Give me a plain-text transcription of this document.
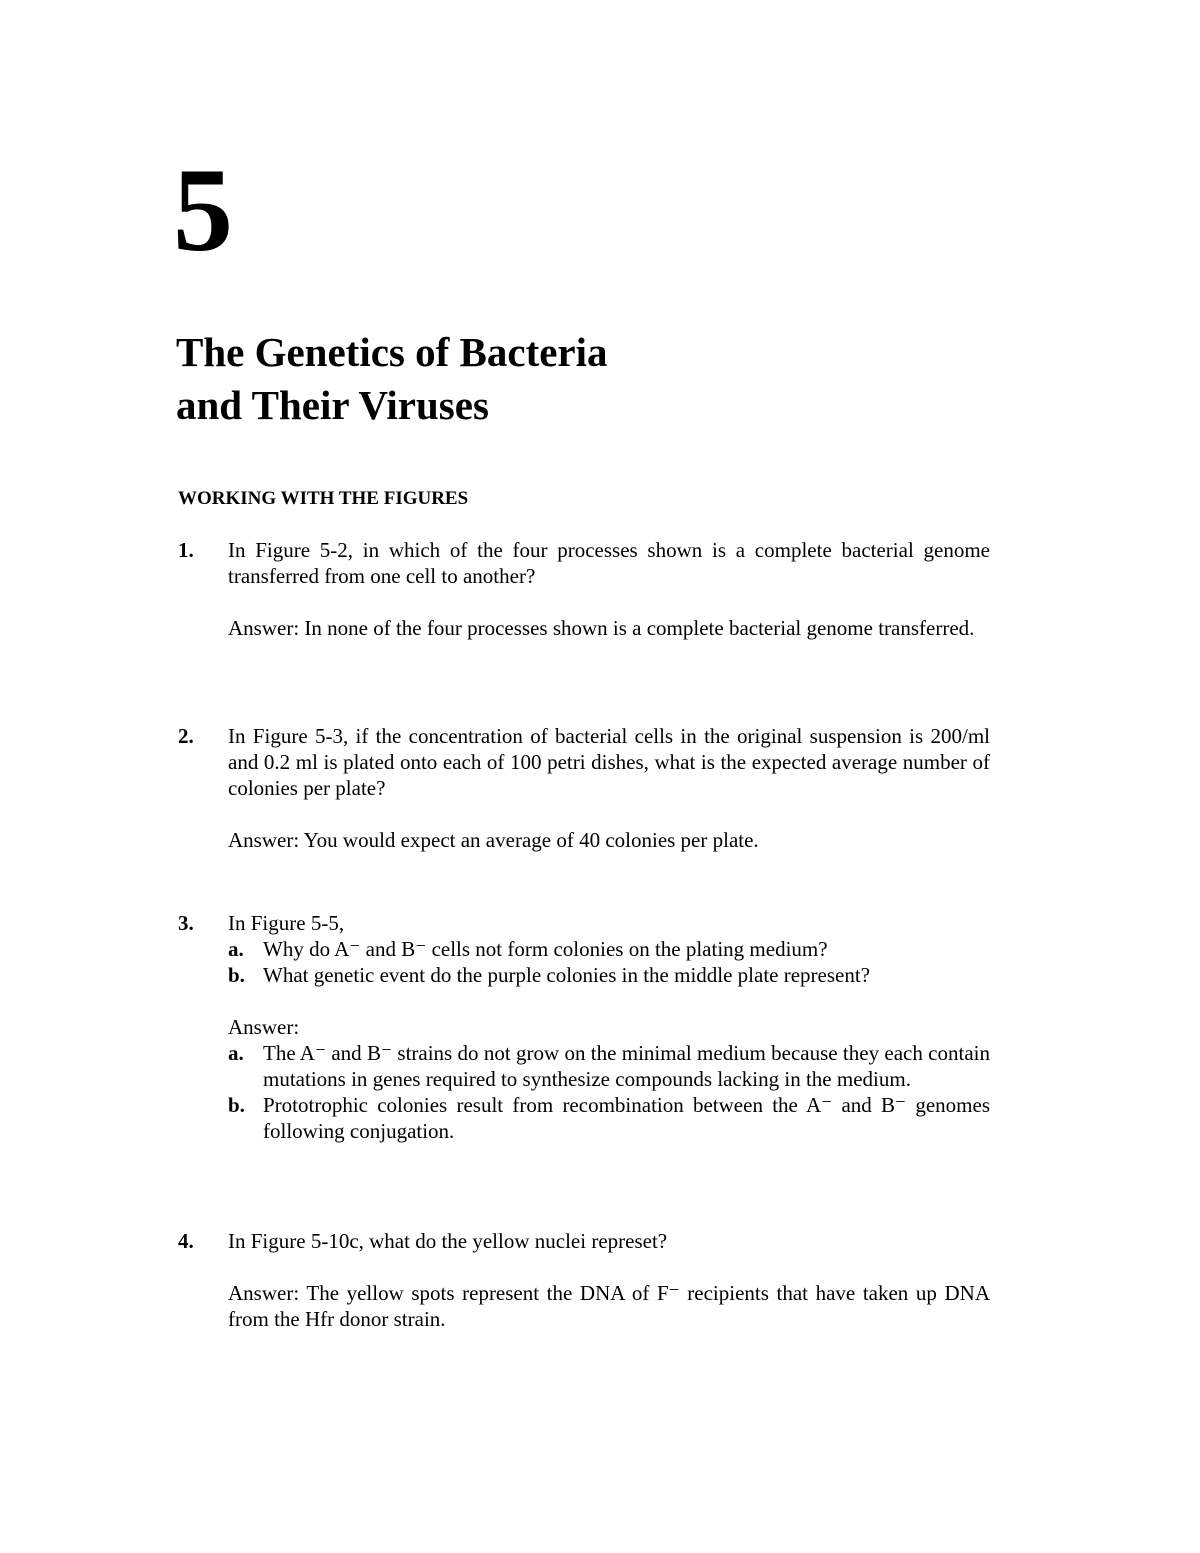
5
The Genetics of Bacteria
and Their Viruses
WORKING WITH THE FIGURES
1. In Figure 5-2, in which of the four processes shown is a complete bacterial genome transferred from one cell to another?

Answer: In none of the four processes shown is a complete bacterial genome transferred.

2. In Figure 5-3, if the concentration of bacterial cells in the original suspension is 200/ml and 0.2 ml is plated onto each of 100 petri dishes, what is the expected average number of colonies per plate?

Answer: You would expect an average of 40 colonies per plate.

3. In Figure 5-5,

a. Why do A⁻ and B⁻ cells not form colonies on the plating medium?
b. What genetic event do the purple colonies in the middle plate represent?

Answer:

a. The A⁻ and B⁻ strains do not grow on the minimal medium because they each contain mutations in genes required to synthesize compounds lacking in the medium.
b. Prototrophic colonies result from recombination between the A⁻ and B⁻ genomes following conjugation.
4. In Figure 5-10c, what do the yellow nuclei represet?

Answer: The yellow spots represent the DNA of F⁻ recipients that have taken up DNA from the Hfr donor strain.
